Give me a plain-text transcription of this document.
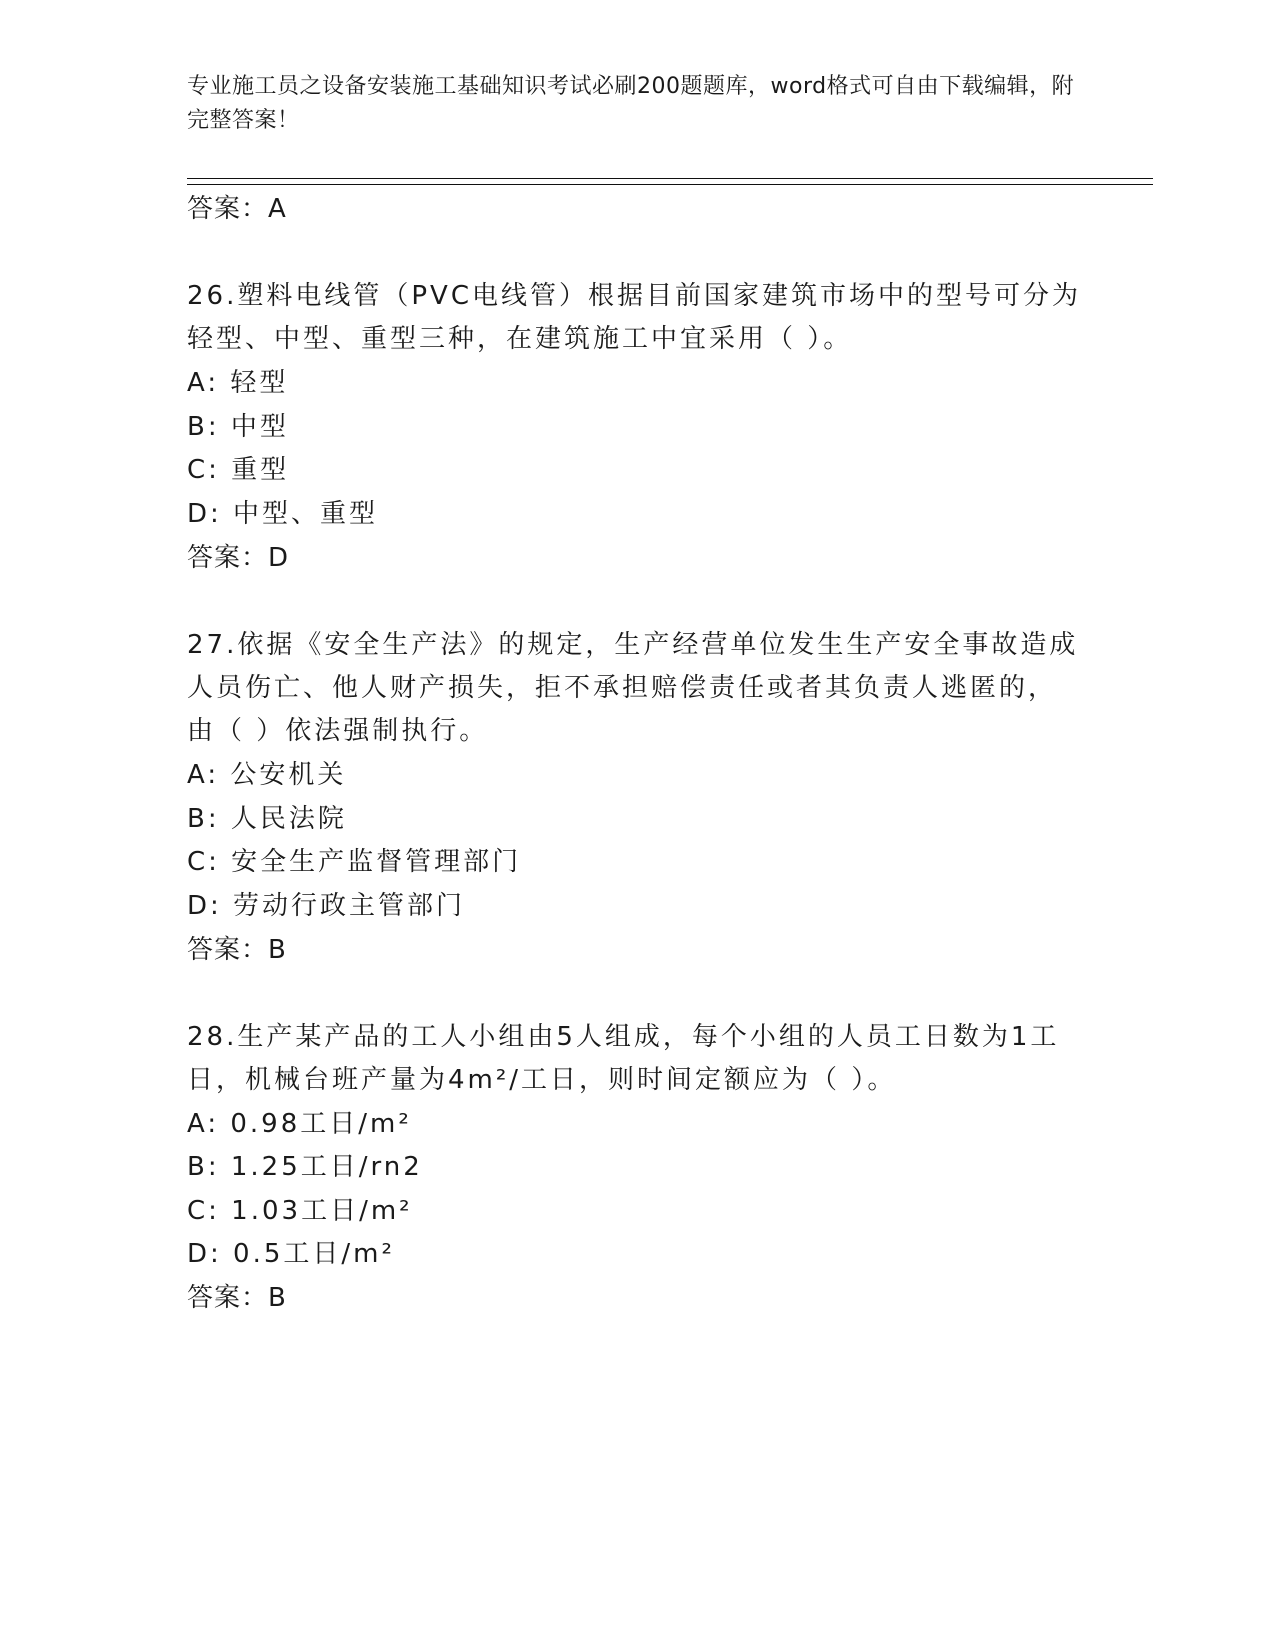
专业施工员之设备安装施工基础知识考试必刷200题题库，word格式可自由下载编辑，附完整答案！
答案：A
26.塑料电线管（PVC电线管）根据目前国家建筑市场中的型号可分为
轻型、中型、重型三种，在建筑施工中宜采用（ ）。
A: 轻型
B: 中型
C: 重型
D: 中型、重型
答案：D
27.依据《安全生产法》的规定，生产经营单位发生生产安全事故造成
人员伤亡、他人财产损失，拒不承担赔偿责任或者其负责人逃匿的，
由（ ）依法强制执行。
A: 公安机关
B: 人民法院
C: 安全生产监督管理部门
D: 劳动行政主管部门
答案：B
28.生产某产品的工人小组由5人组成，每个小组的人员工日数为1工
日，机械台班产量为4m²/工日，则时间定额应为（ ）。
A: 0.98工日/m²
B: 1.25工日/rn2
C: 1.03工日/m²
D: 0.5工日/m²
答案：B
